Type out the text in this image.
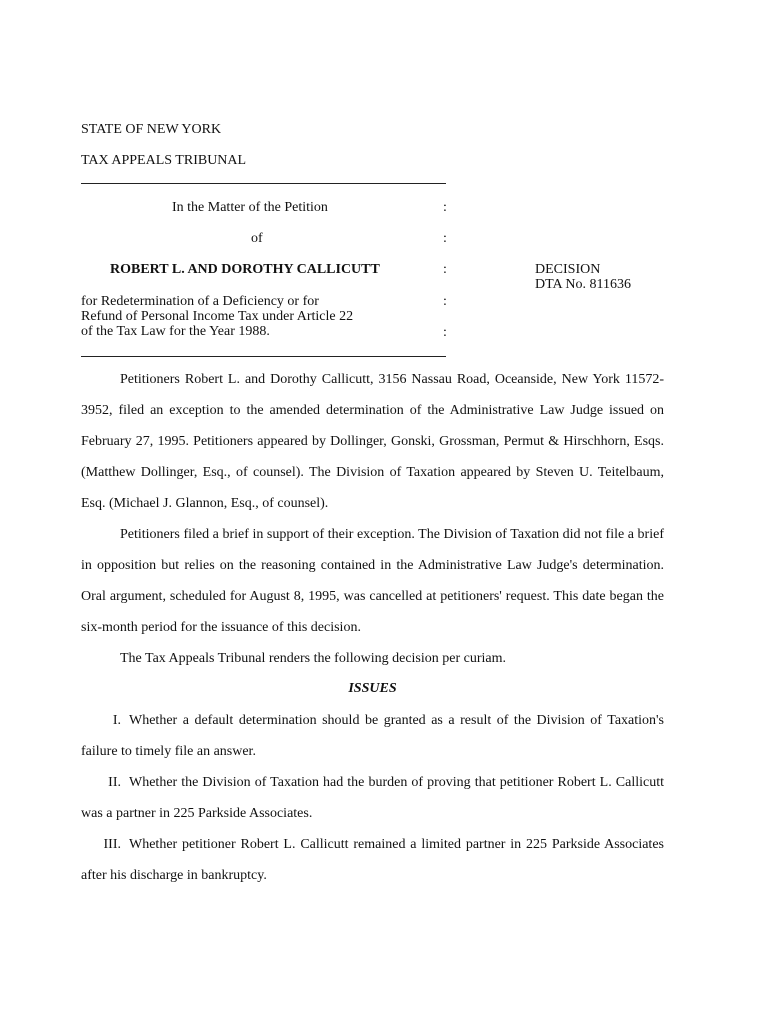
STATE OF NEW YORK
TAX APPEALS TRIBUNAL
In the Matter of the Petition
of
ROBERT L. AND DOROTHY CALLICUTT
for Redetermination of a Deficiency or for
Refund of Personal Income Tax under Article 22
of the Tax Law for the Year 1988.
:
:
:
:
:
DECISION
DTA No. 811636
Petitioners Robert L. and Dorothy Callicutt, 3156 Nassau Road, Oceanside, New York 11572-3952, filed an exception to the amended determination of the Administrative Law Judge issued on February 27, 1995. Petitioners appeared by Dollinger, Gonski, Grossman, Permut & Hirschhorn, Esqs. (Matthew Dollinger, Esq., of counsel). The Division of Taxation appeared by Steven U. Teitelbaum, Esq. (Michael J. Glannon, Esq., of counsel).
Petitioners filed a brief in support of their exception. The Division of Taxation did not file a brief in opposition but relies on the reasoning contained in the Administrative Law Judge's determination. Oral argument, scheduled for August 8, 1995, was cancelled at petitioners' request. This date began the six-month period for the issuance of this decision.
The Tax Appeals Tribunal renders the following decision per curiam.
ISSUES
I. Whether a default determination should be granted as a result of the Division of Taxation's failure to timely file an answer.
II. Whether the Division of Taxation had the burden of proving that petitioner Robert L. Callicutt was a partner in 225 Parkside Associates.
III. Whether petitioner Robert L. Callicutt remained a limited partner in 225 Parkside Associates after his discharge in bankruptcy.
